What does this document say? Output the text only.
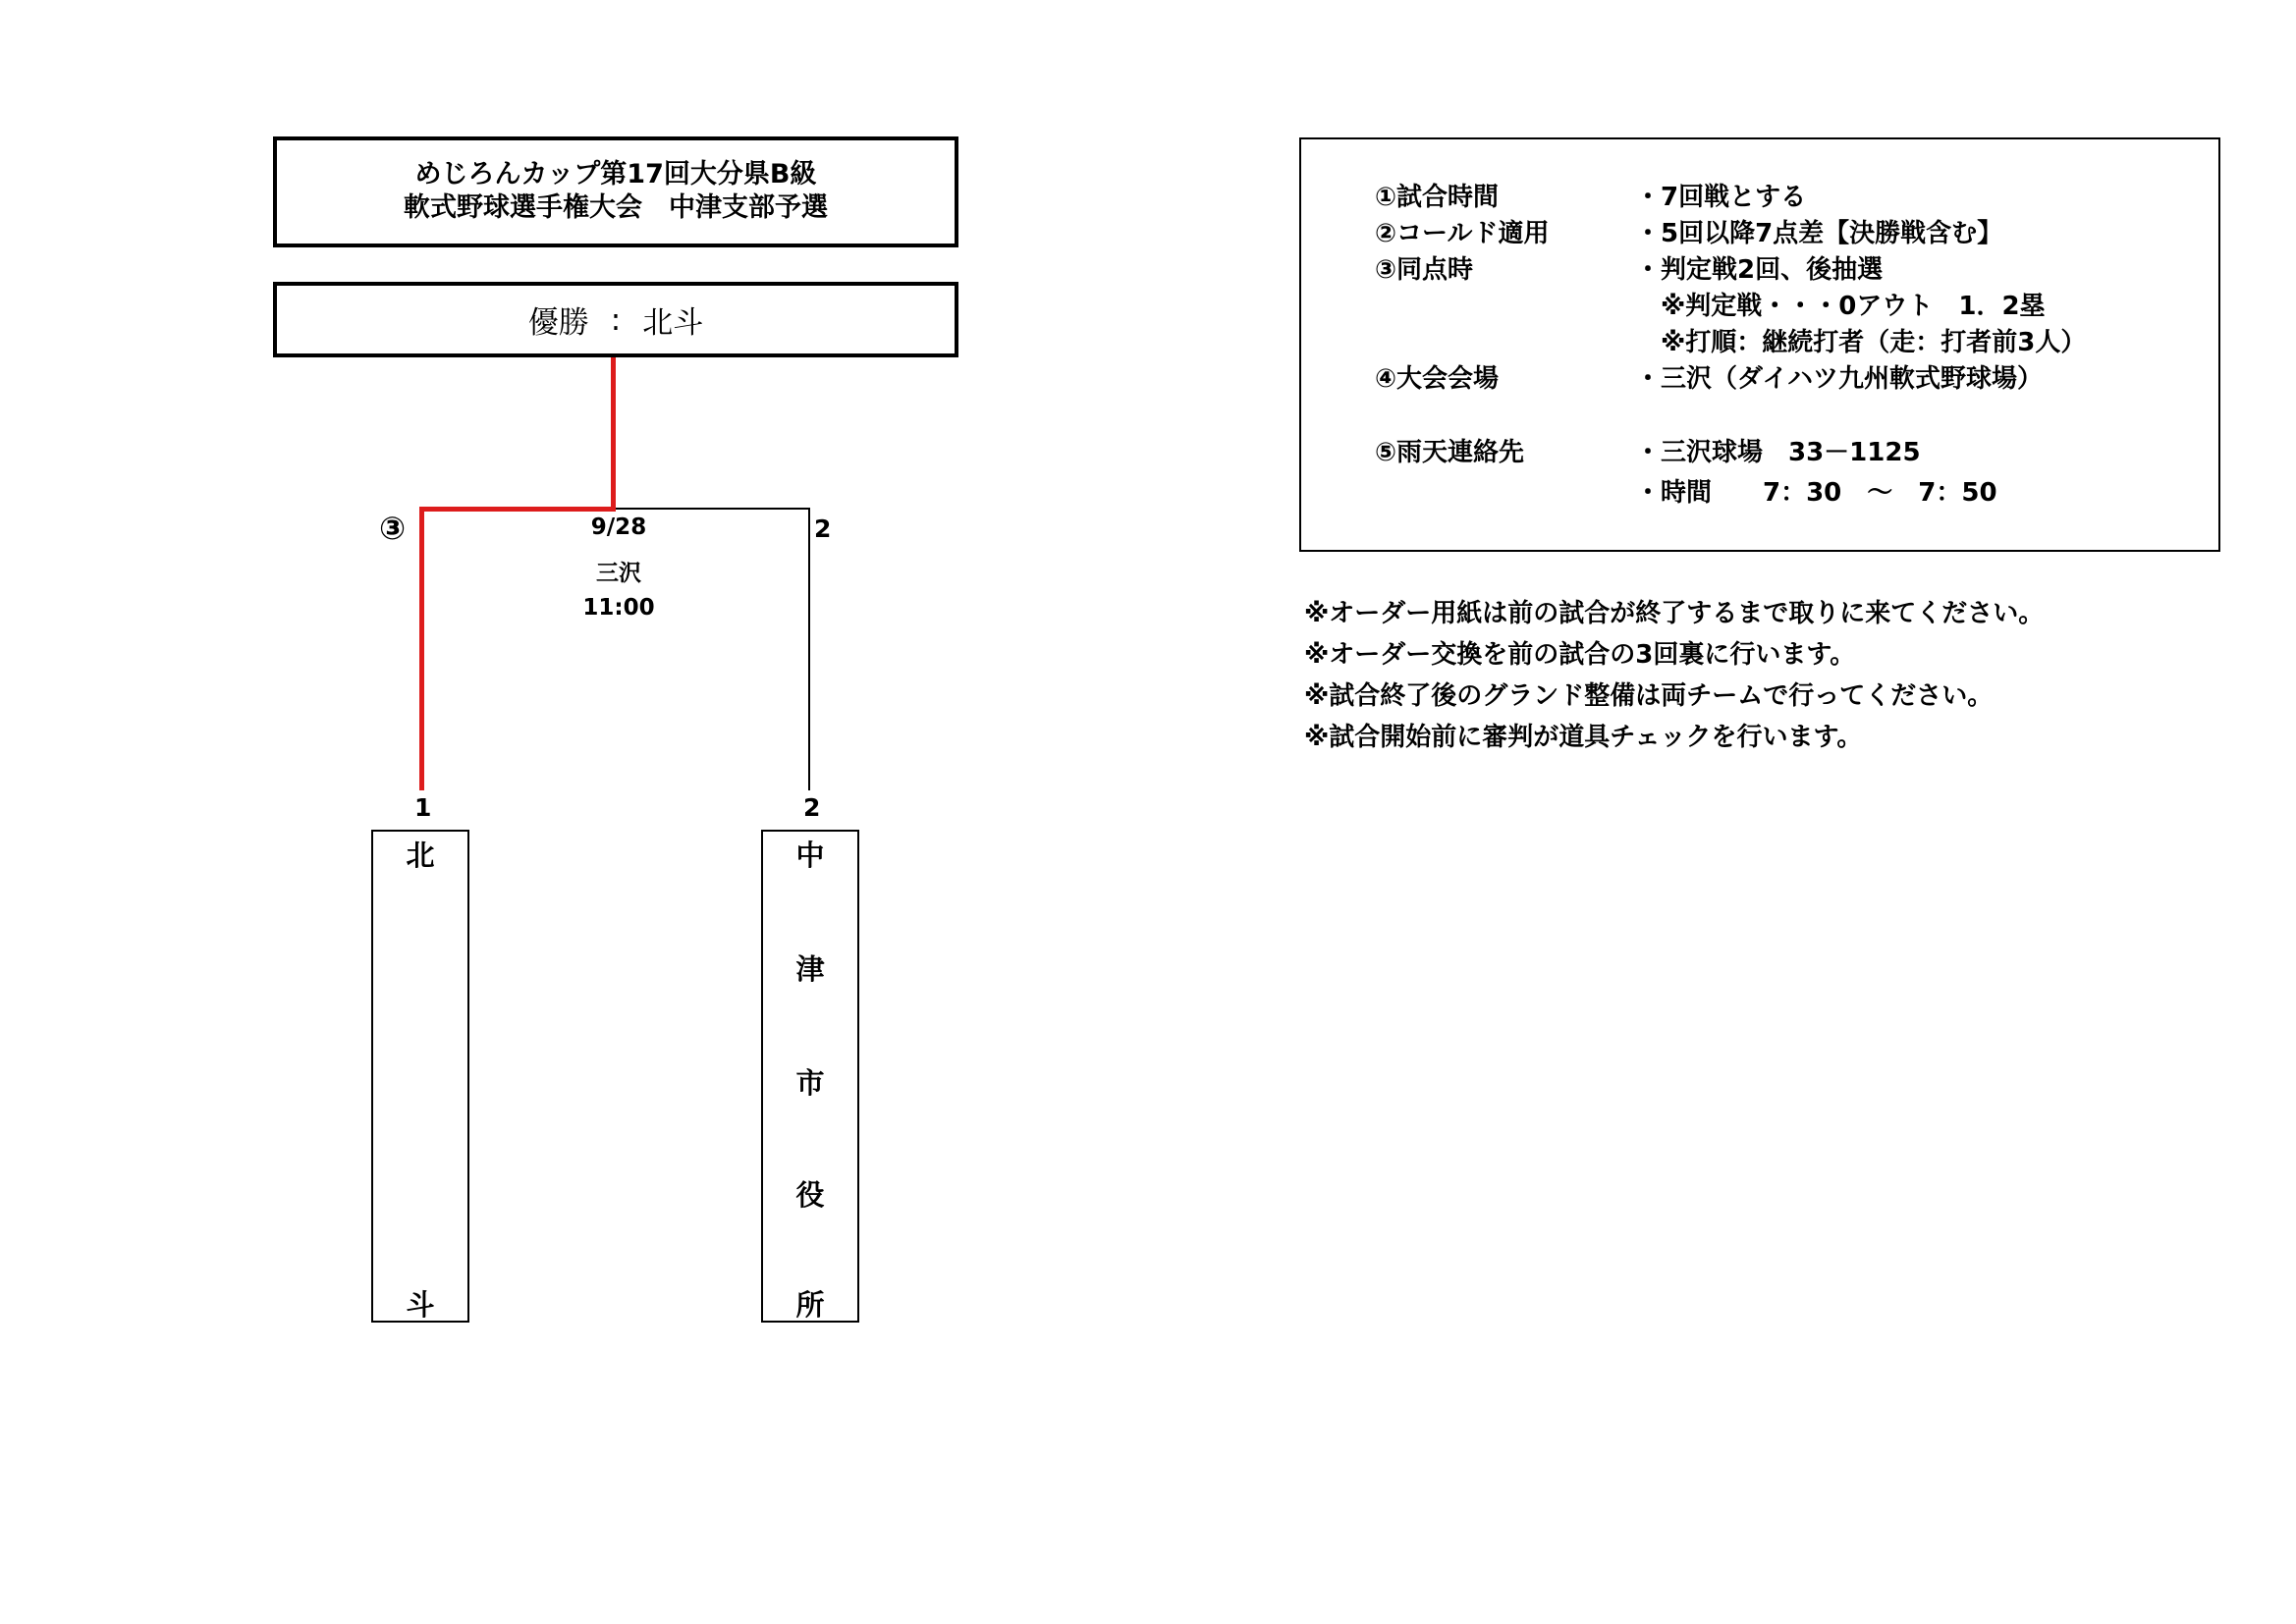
めじろんカップ第17回大分県B級
軟式野球選手権大会　中津支部予選
優勝 : 北斗
③	2
9/28
三沢
11:00
1
北
斗
2
中
津
市
役
所
①試合時間	・7回戦とする
②コールド適用	・5回以降7点差【決勝戦含む】
③同点時	・判定戦2回、後抽選
　※判定戦・・・0アウト　1．2塁
　※打順：継続打者（走：打者前3人）
④大会会場	・三沢（ダイハツ九州軟式野球場）
⑤雨天連絡先	・三沢球場　33－1125
・時間　　7：30　～　7：50
※オーダー用紙は前の試合が終了するまで取りに来てください。
※オーダー交換を前の試合の3回裏に行います。
※試合終了後のグランド整備は両チームで行ってください。
※試合開始前に審判が道具チェックを行います。
